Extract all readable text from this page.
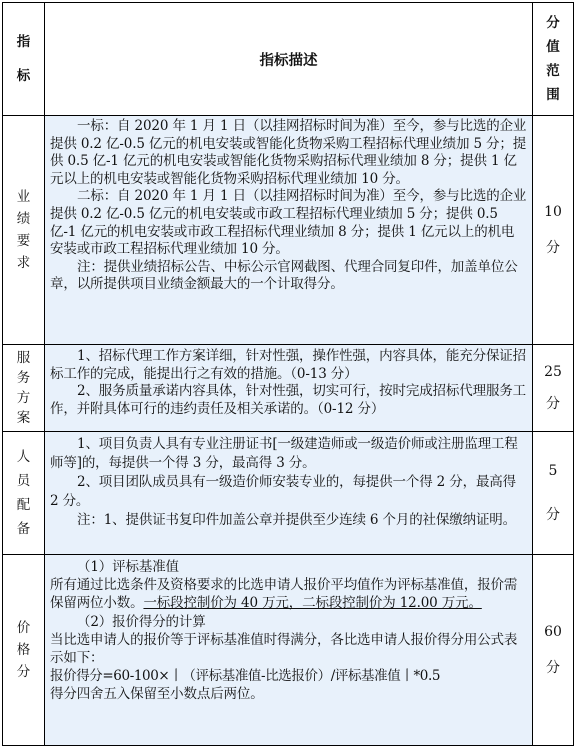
指
标
指标描述
分
值
范
围
业
绩
要
求

一标：自 2020 年 1 月 1 日（以挂网招标时间为准）至今，参与比选的企业提供 0.2 亿-0.5 亿元的机电安装或智能化货物采购工程招标代理业绩加 5 分；提供 0.5 亿-1 亿元的机电安装或智能化货物采购招标代理业绩加 8 分；提供 1 亿元以上的机电安装或智能化货物采购招标代理业绩加 10 分。

二标：自 2020 年 1 月 1 日（以挂网招标时间为准）至今，参与比选的企业提供 0.2 亿-0.5 亿元的机电安装或市政工程招标代理业绩加 5 分；提供 0.5 亿-1 亿元的机电安装或市政工程招标代理业绩加 8 分；提供 1 亿元以上的机电安装或市政工程招标代理业绩加 10 分。

注：提供业绩招标公告、中标公示官网截图、代理合同复印件，加盖单位公章，以所提供项目业绩金额最大的一个计取得分。

10
分
服
务
方
案

1、招标代理工作方案详细，针对性强，操作性强，内容具体，能充分保证招标工作的完成，能提出行之有效的措施。（0-13 分）

2、服务质量承诺内容具体，针对性强，切实可行，按时完成招标代理服务工作，并附具体可行的违约责任及相关承诺的。（0-12 分）

25
分
人
员
配
备

1、项目负责人具有专业注册证书[一级建造师或一级造价师或注册监理工程师等]的，每提供一个得 3 分，最高得 3 分。

2、项目团队成员具有一级造价师安装专业的，每提供一个得 2 分，最高得 2 分。

注：1、提供证书复印件加盖公章并提供至少连续 6 个月的社保缴纳证明。

5
分
价
格
分

（1）评标基准值

所有通过比选条件及资格要求的比选申请人报价平均值作为评标基准值，报价需保留两位小数。一标段控制价为 40 万元，二标段控制价为 12.00 万元。

（2）报价得分的计算

当比选申请人的报价等于评标基准值时得满分，各比选申请人报价得分用公式表示如下：

报价得分=60-100×丨（评标基准值-比选报价）/评标基准值丨*0.5

得分四舍五入保留至小数点后两位。

60
分
